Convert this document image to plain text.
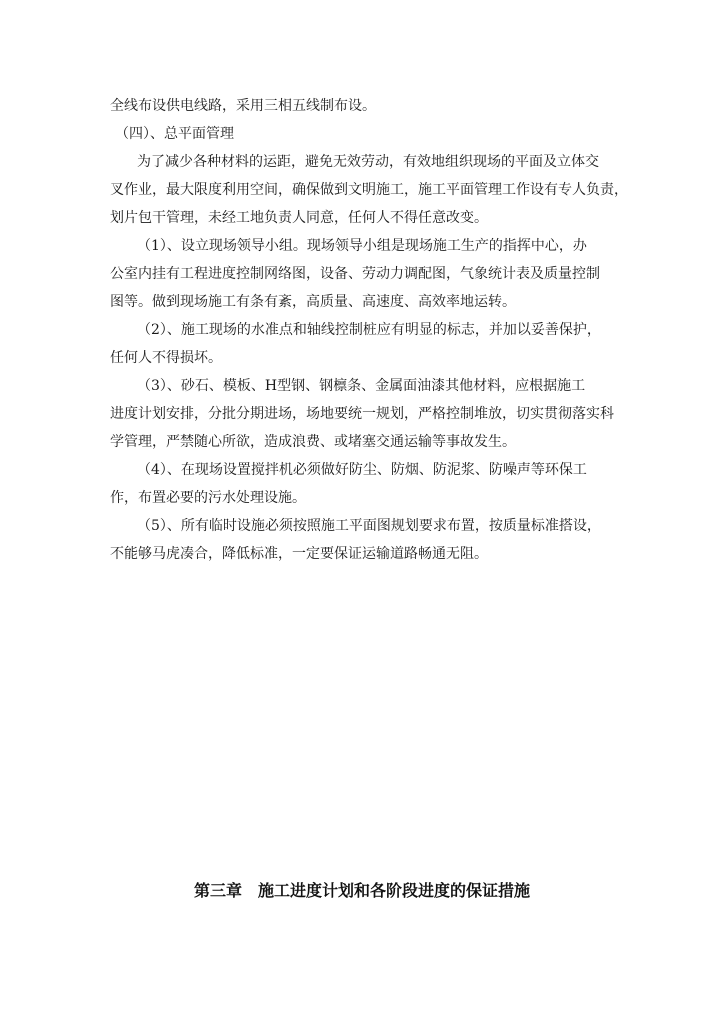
全线布设供电线路，采用三相五线制布设。
（四）、总平面管理
为了减少各种材料的运距，避免无效劳动，有效地组织现场的平面及立体交
叉作业，最大限度利用空间，确保做到文明施工，施工平面管理工作设有专人负责，
划片包干管理，未经工地负责人同意，任何人不得任意改变。
（1）、设立现场领导小组。现场领导小组是现场施工生产的指挥中心，办
公室内挂有工程进度控制网络图，设备、劳动力调配图，气象统计表及质量控制
图等。做到现场施工有条有紊，高质量、高速度、高效率地运转。
（2）、施工现场的水准点和轴线控制桩应有明显的标志，并加以妥善保护，
任何人不得损坏。
（3）、砂石、模板、H型钢、钢檩条、金属面油漆其他材料，应根据施工
进度计划安排，分批分期进场，场地要统一规划，严格控制堆放，切实贯彻落实科
学管理，严禁随心所欲，造成浪费、或堵塞交通运输等事故发生。
（4）、在现场设置搅拌机必须做好防尘、防烟、防泥浆、防噪声等环保工
作，布置必要的污水处理设施。
（5）、所有临时设施必须按照施工平面图规划要求布置，按质量标准搭设，
不能够马虎凑合，降低标准，一定要保证运输道路畅通无阻。
第三章　施工进度计划和各阶段进度的保证措施
